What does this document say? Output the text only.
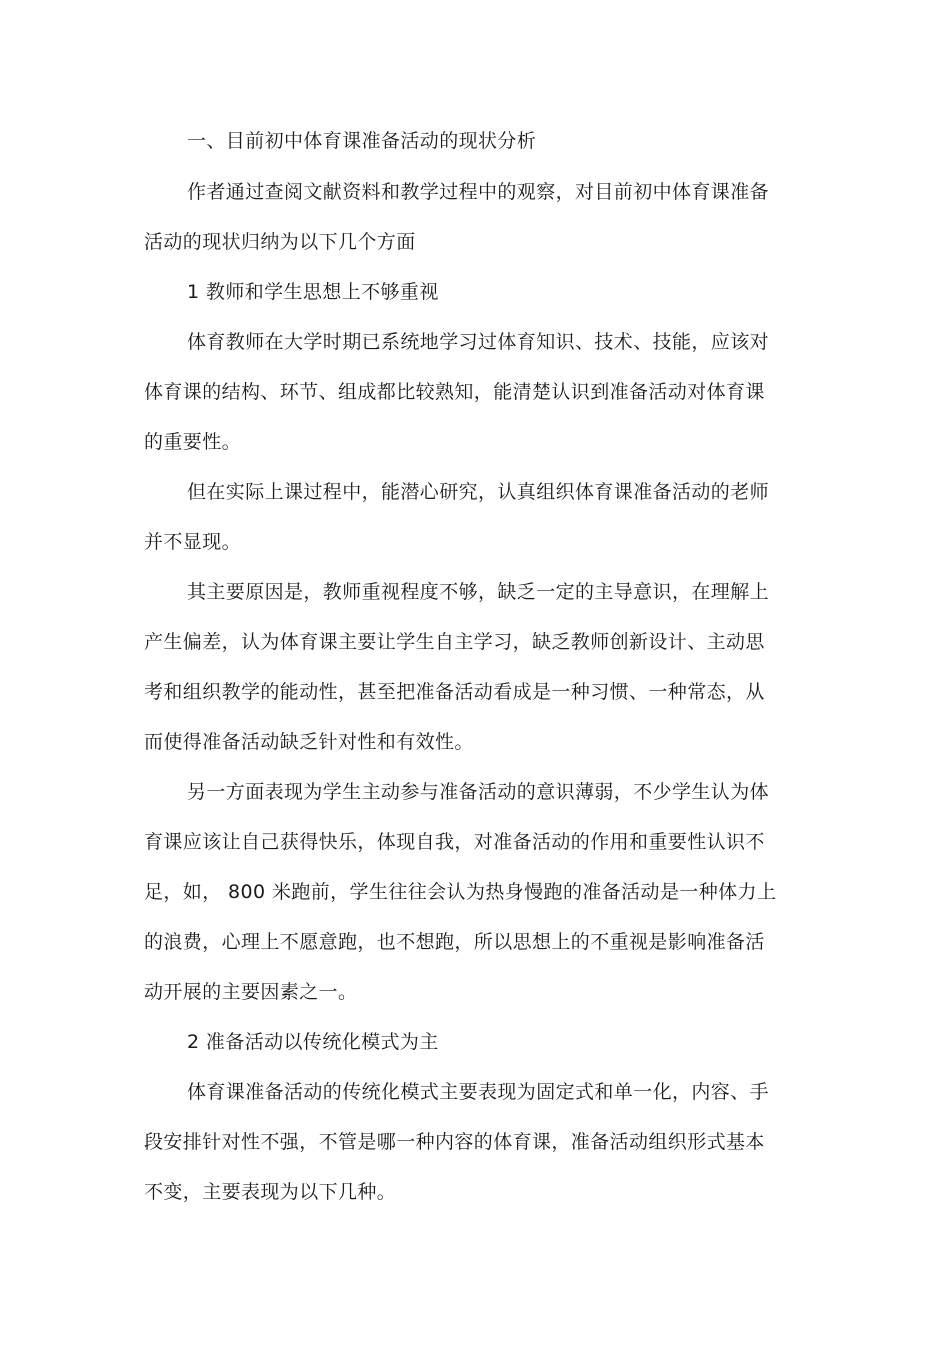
一、目前初中体育课准备活动的现状分析
作者通过查阅文献资料和教学过程中的观察，对目前初中体育课准备
活动的现状归纳为以下几个方面
1 教师和学生思想上不够重视
体育教师在大学时期已系统地学习过体育知识、技术、技能，应该对
体育课的结构、环节、组成都比较熟知，能清楚认识到准备活动对体育课
的重要性。
但在实际上课过程中，能潜心研究，认真组织体育课准备活动的老师
并不显现。
其主要原因是，教师重视程度不够，缺乏一定的主导意识，在理解上
产生偏差，认为体育课主要让学生自主学习，缺乏教师创新设计、主动思
考和组织教学的能动性，甚至把准备活动看成是一种习惯、一种常态，从
而使得准备活动缺乏针对性和有效性。
另一方面表现为学生主动参与准备活动的意识薄弱，不少学生认为体
育课应该让自己获得快乐，体现自我，对准备活动的作用和重要性认识不
足，如， 800 米跑前，学生往往会认为热身慢跑的准备活动是一种体力上
的浪费，心理上不愿意跑，也不想跑，所以思想上的不重视是影响准备活
动开展的主要因素之一。
2 准备活动以传统化模式为主
体育课准备活动的传统化模式主要表现为固定式和单一化，内容、手
段安排针对性不强，不管是哪一种内容的体育课，准备活动组织形式基本
不变，主要表现为以下几种。
